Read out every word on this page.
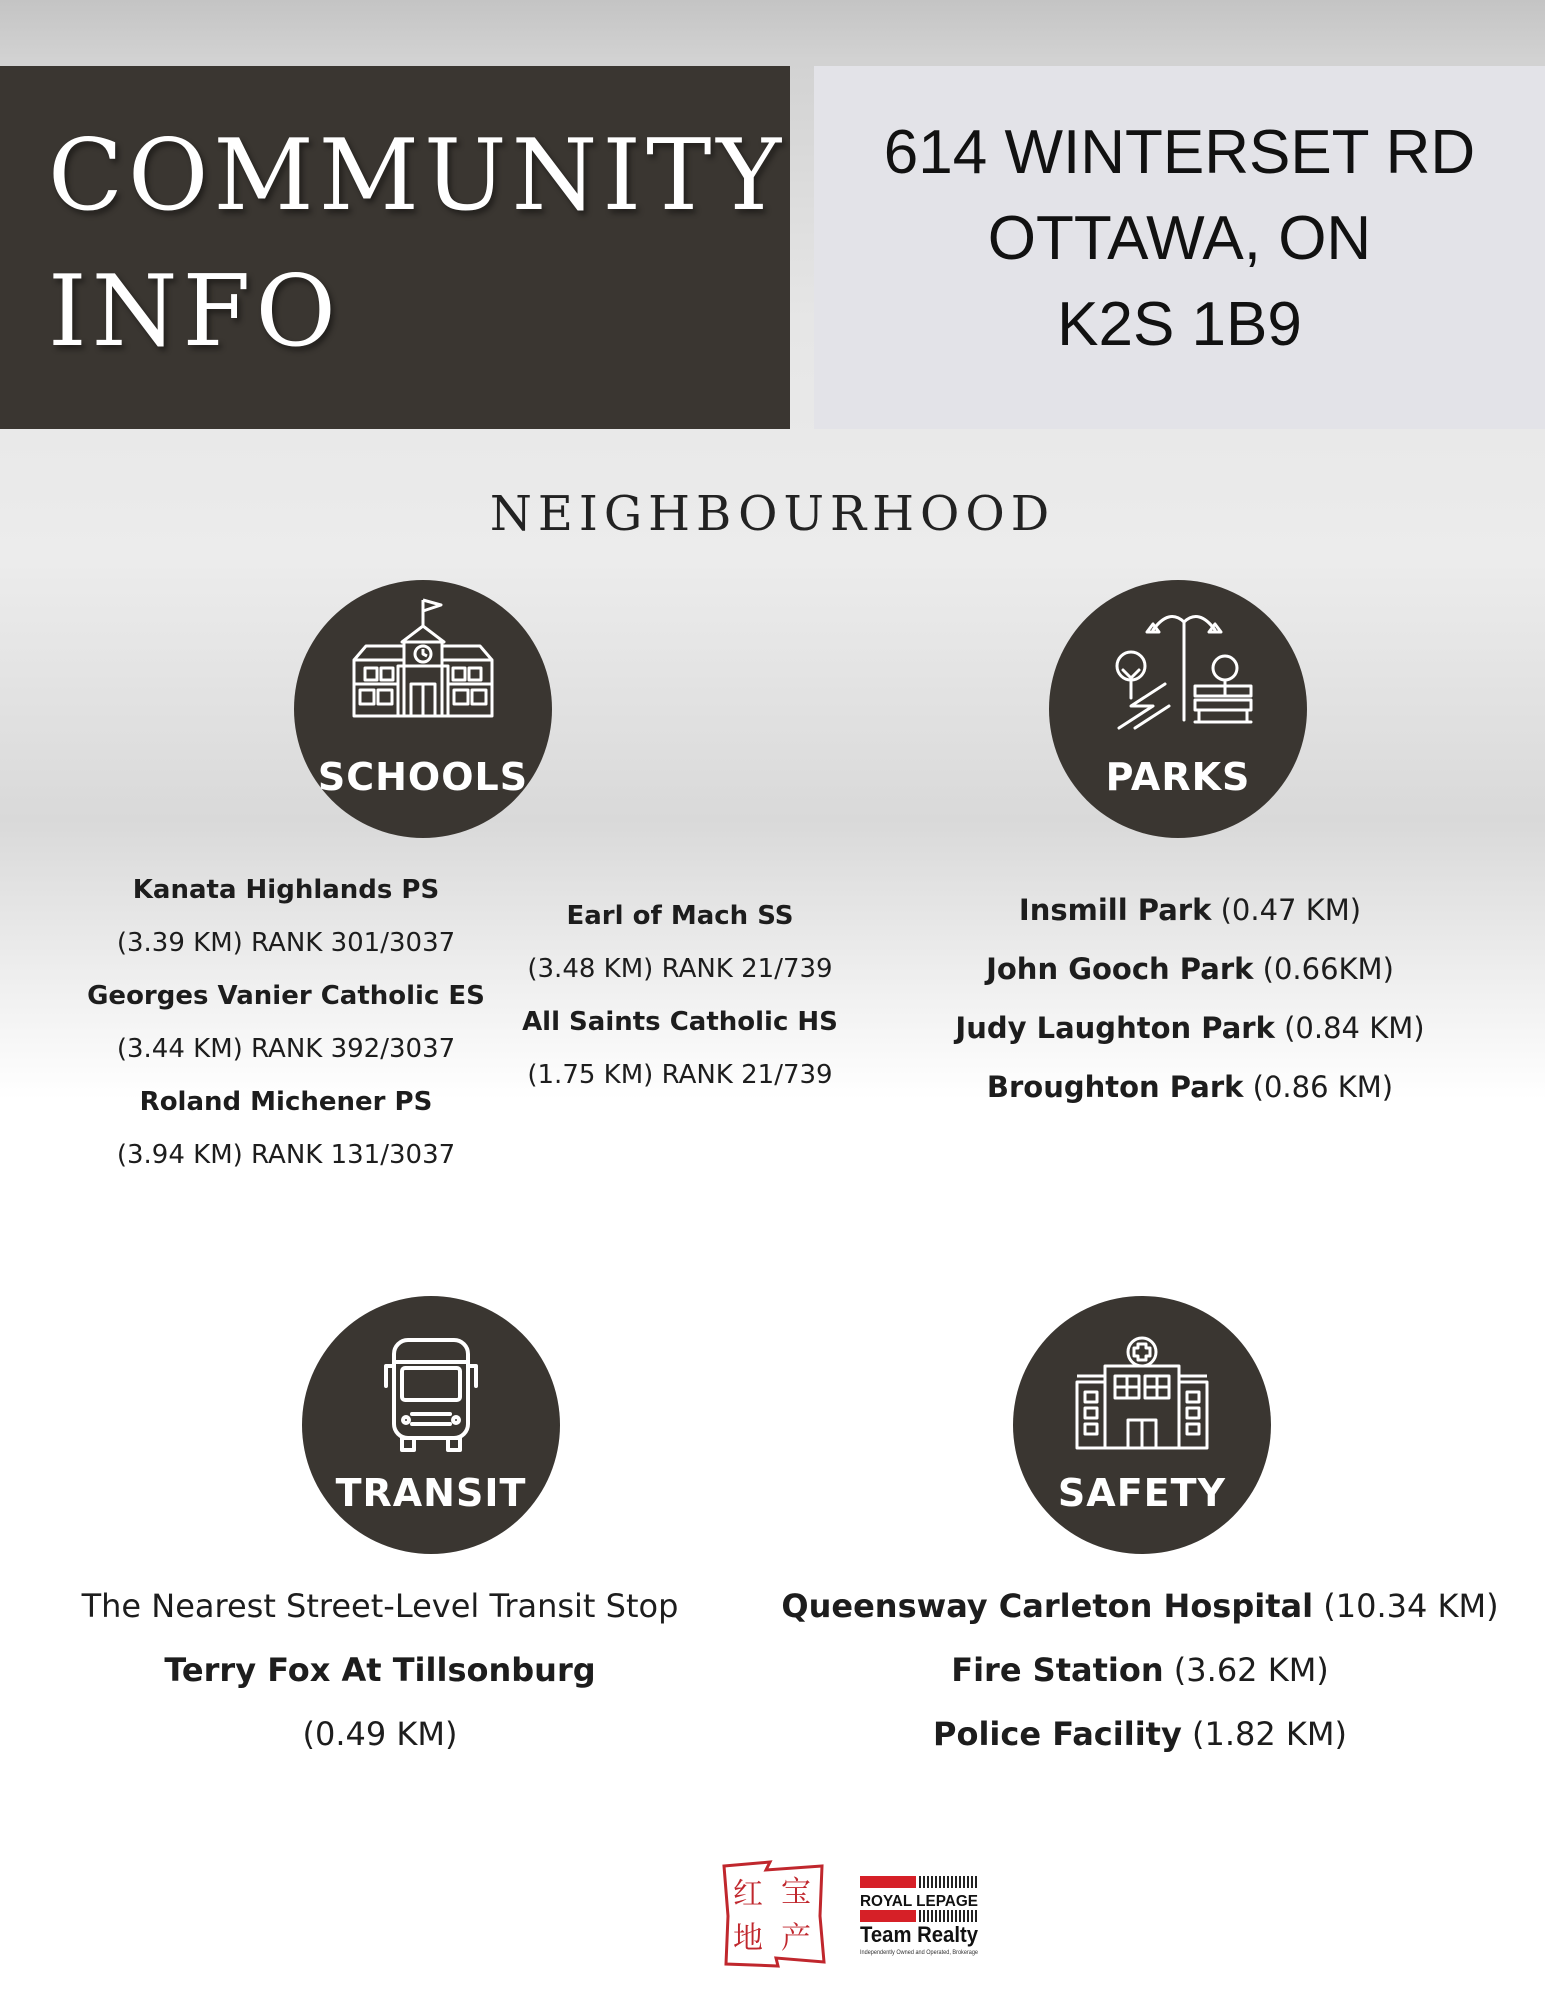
COMMUNITY
INFO
614 WINTERSET RD
OTTAWA, ON
K2S 1B9
NEIGHBOURHOOD
SCHOOLS	PARKS
Kanata Highlands PS
(3.39 KM) RANK 301/3037
Georges Vanier Catholic ES
(3.44 KM) RANK 392/3037
Roland Michener PS
(3.94 KM) RANK 131/3037
Earl of Mach SS
(3.48 KM) RANK 21/739
All Saints Catholic HS
(1.75 KM) RANK 21/739
Insmill Park (0.47 KM)
John Gooch Park (0.66KM)
Judy Laughton Park (0.84 KM)
Broughton Park (0.86 KM)
TRANSIT	SAFETY
The Nearest Street-Level Transit Stop
Terry Fox At Tillsonburg
(0.49 KM)
Queensway Carleton Hospital (10.34 KM)
Fire Station (3.62 KM)
Police Facility (1.82 KM)
红 宝
地 产
ROYAL LEPAGE
Team Realty
Independently Owned and Operated, Brokerage
